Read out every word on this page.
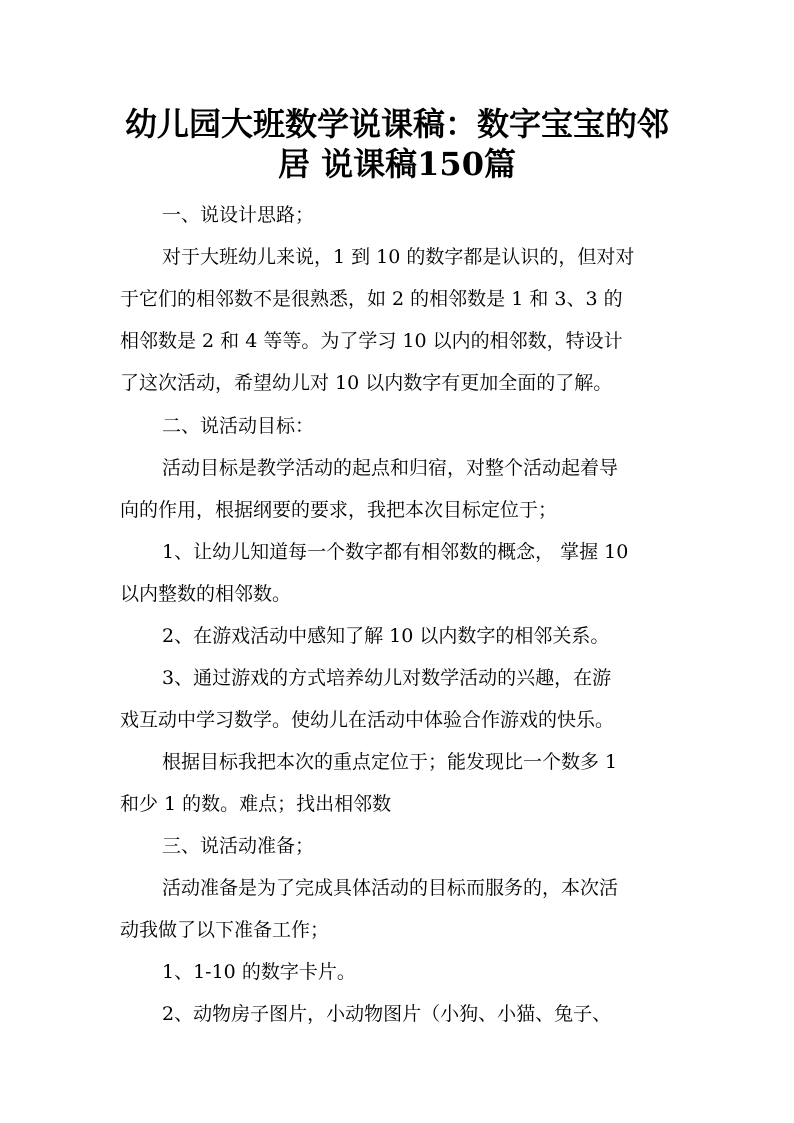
幼儿园大班数学说课稿：数字宝宝的邻
居 说课稿150篇

一、说设计思路；

对于大班幼儿来说，1 到 10 的数字都是认识的，但对对

于它们的相邻数不是很熟悉，如 2 的相邻数是 1 和 3、3 的

相邻数是 2 和 4 等等。为了学习 10 以内的相邻数，特设计

了这次活动，希望幼儿对 10 以内数字有更加全面的了解。

二、说活动目标：

活动目标是教学活动的起点和归宿，对整个活动起着导

向的作用，根据纲要的要求，我把本次目标定位于；

1、让幼儿知道每一个数字都有相邻数的概念， 掌握 10

以内整数的相邻数。

2、在游戏活动中感知了解 10 以内数字的相邻关系。

3、通过游戏的方式培养幼儿对数学活动的兴趣，在游

戏互动中学习数学。使幼儿在活动中体验合作游戏的快乐。

根据目标我把本次的重点定位于；能发现比一个数多 1

和少 1 的数。难点；找出相邻数

三、说活动准备；

活动准备是为了完成具体活动的目标而服务的，本次活

动我做了以下准备工作；

1、1-10 的数字卡片。

2、动物房子图片，小动物图片（小狗、小猫、兔子、
